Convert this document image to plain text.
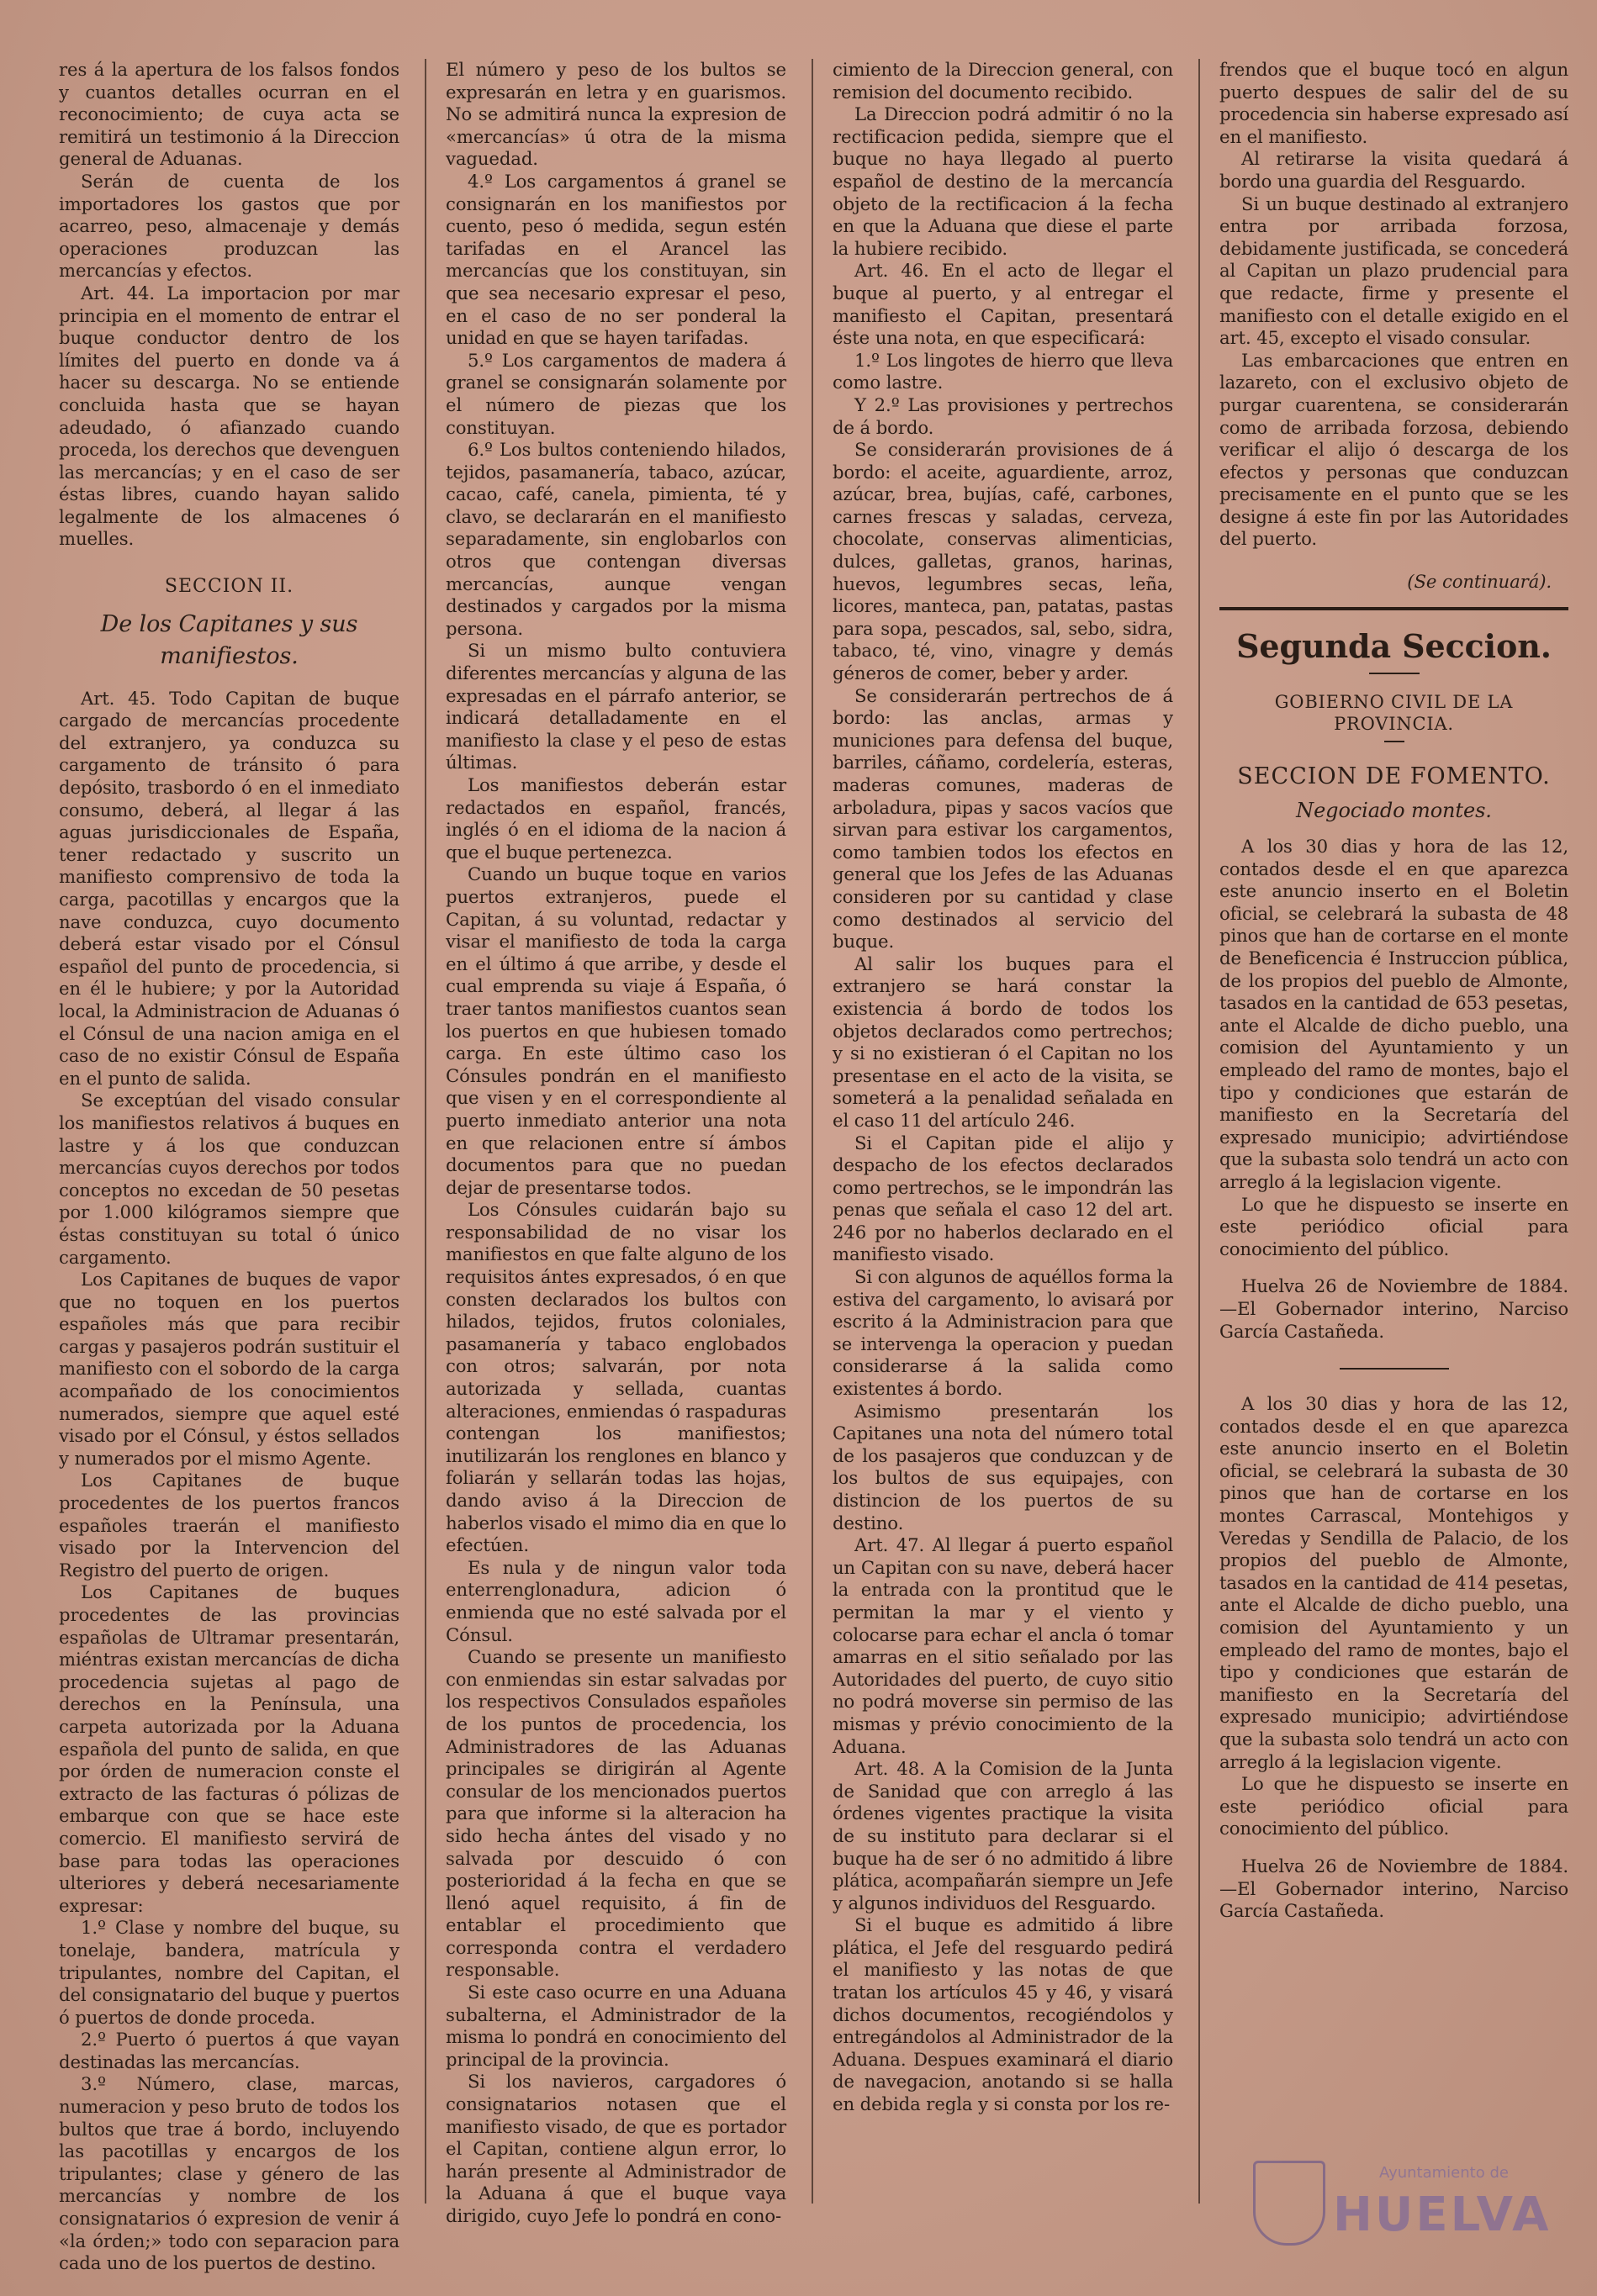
res á la apertura de los falsos fondos y cuantos detalles ocurran en el reconocimiento; de cuya acta se remitirá un testimonio á la Direccion general de Aduanas.

Serán de cuenta de los importadores los gastos que por acarreo, peso, almacenaje y demás operaciones produzcan las mercancías y efectos.

Art. 44. La importacion por mar principia en el momento de entrar el buque conductor dentro de los límites del puerto en donde va á hacer su descarga. No se entiende concluida hasta que se hayan adeudado, ó afianzado cuando proceda, los derechos que devenguen las mercancías; y en el caso de ser éstas libres, cuando hayan salido legalmente de los almacenes ó muelles.

SECCION II.

De los Capitanes y sus manifiestos.

Art. 45. Todo Capitan de buque cargado de mercancías procedente del extranjero, ya conduzca su cargamento de tránsito ó para depósito, trasbordo ó en el inmediato consumo, deberá, al llegar á las aguas jurisdiccionales de España, tener redactado y suscrito un manifiesto comprensivo de toda la carga, pacotillas y encargos que la nave conduzca, cuyo documento deberá estar visado por el Cónsul español del punto de procedencia, si en él le hubiere; y por la Autoridad local, la Administracion de Aduanas ó el Cónsul de una nacion amiga en el caso de no existir Cónsul de España en el punto de salida.

Se exceptúan del visado consular los manifiestos relativos á buques en lastre y á los que conduzcan mercancías cuyos derechos por todos conceptos no excedan de 50 pesetas por 1.000 kilógramos siempre que éstas constituyan su total ó único cargamento.

Los Capitanes de buques de vapor que no toquen en los puertos españoles más que para recibir cargas y pasajeros podrán sustituir el manifiesto con el sobordo de la carga acompañado de los conocimientos numerados, siempre que aquel esté visado por el Cónsul, y éstos sellados y numerados por el mismo Agente.

Los Capitanes de buque procedentes de los puertos francos españoles traerán el manifiesto visado por la Intervencion del Registro del puerto de origen.

Los Capitanes de buques procedentes de las provincias españolas de Ultramar presentarán, miéntras existan mercancías de dicha procedencia sujetas al pago de derechos en la Península, una carpeta autorizada por la Aduana española del punto de salida, en que por órden de numeracion conste el extracto de las facturas ó pólizas de embarque con que se hace este comercio. El manifiesto servirá de base para todas las operaciones ulteriores y deberá necesariamente expresar:

1.º Clase y nombre del buque, su tonelaje, bandera, matrícula y tripulantes, nombre del Capitan, el del consignatario del buque y puertos ó puertos de donde proceda.

2.º Puerto ó puertos á que vayan destinadas las mercancías.

3.º Número, clase, marcas, numeracion y peso bruto de todos los bultos que trae á bordo, incluyendo las pacotillas y encargos de los tripulantes; clase y género de las mercancías y nombre de los consignatarios ó expresion de venir á «la órden;» todo con separacion para cada uno de los puertos de destino.

El número y peso de los bultos se expresarán en letra y en guarismos. No se admitirá nunca la expresion de «mercancías» ú otra de la misma vaguedad.

4.º Los cargamentos á granel se consignarán en los manifiestos por cuento, peso ó medida, segun estén tarifadas en el Arancel las mercancías que los constituyan, sin que sea necesario expresar el peso, en el caso de no ser ponderal la unidad en que se hayen tarifadas.

5.º Los cargamentos de madera á granel se consignarán solamente por el número de piezas que los constituyan.

6.º Los bultos conteniendo hilados, tejidos, pasamanería, tabaco, azúcar, cacao, café, canela, pimienta, té y clavo, se declararán en el manifiesto separadamente, sin englobarlos con otros que contengan diversas mercancías, aunque vengan destinados y cargados por la misma persona.

Si un mismo bulto contuviera diferentes mercancías y alguna de las expresadas en el párrafo anterior, se indicará detalladamente en el manifiesto la clase y el peso de estas últimas.

Los manifiestos deberán estar redactados en español, francés, inglés ó en el idioma de la nacion á que el buque pertenezca.

Cuando un buque toque en varios puertos extranjeros, puede el Capitan, á su voluntad, redactar y visar el manifiesto de toda la carga en el último á que arribe, y desde el cual emprenda su viaje á España, ó traer tantos manifiestos cuantos sean los puertos en que hubiesen tomado carga. En este último caso los Cónsules pondrán en el manifiesto que visen y en el correspondiente al puerto inmediato anterior una nota en que relacionen entre sí ámbos documentos para que no puedan dejar de presentarse todos.

Los Cónsules cuidarán bajo su responsabilidad de no visar los manifiestos en que falte alguno de los requisitos ántes expresados, ó en que consten declarados los bultos con hilados, tejidos, frutos coloniales, pasamanería y tabaco englobados con otros; salvarán, por nota autorizada y sellada, cuantas alteraciones, enmiendas ó raspaduras contengan los manifiestos; inutilizarán los renglones en blanco y foliarán y sellarán todas las hojas, dando aviso á la Direccion de haberlos visado el mimo dia en que lo efectúen.

Es nula y de ningun valor toda enterrenglonadura, adicion ó enmienda que no esté salvada por el Cónsul.

Cuando se presente un manifiesto con enmiendas sin estar salvadas por los respectivos Consulados españoles de los puntos de procedencia, los Administradores de las Aduanas principales se dirigirán al Agente consular de los mencionados puertos para que informe si la alteracion ha sido hecha ántes del visado y no salvada por descuido ó con posterioridad á la fecha en que se llenó aquel requisito, á fin de entablar el procedimiento que corresponda contra el verdadero responsable.

Si este caso ocurre en una Aduana subalterna, el Administrador de la misma lo pondrá en conocimiento del principal de la provincia.

Si los navieros, cargadores ó consignatarios notasen que el manifiesto visado, de que es portador el Capitan, contiene algun error, lo harán presente al Administrador de la Aduana á que el buque vaya dirigido, cuyo Jefe lo pondrá en cono-

cimiento de la Direccion general, con remision del documento recibido.

La Direccion podrá admitir ó no la rectificacion pedida, siempre que el buque no haya llegado al puerto español de destino de la mercancía objeto de la rectificacion á la fecha en que la Aduana que diese el parte la hubiere recibido.

Art. 46. En el acto de llegar el buque al puerto, y al entregar el manifiesto el Capitan, presentará éste una nota, en que especificará:

1.º Los lingotes de hierro que lleva como lastre.

Y 2.º Las provisiones y pertrechos de á bordo.

Se considerarán provisiones de á bordo: el aceite, aguardiente, arroz, azúcar, brea, bujías, café, carbones, carnes frescas y saladas, cerveza, chocolate, conservas alimenticias, dulces, galletas, granos, harinas, huevos, legumbres secas, leña, licores, manteca, pan, patatas, pastas para sopa, pescados, sal, sebo, sidra, tabaco, té, vino, vinagre y demás géneros de comer, beber y arder.

Se considerarán pertrechos de á bordo: las anclas, armas y municiones para defensa del buque, barriles, cáñamo, cordelería, esteras, maderas comunes, maderas de arboladura, pipas y sacos vacíos que sirvan para estivar los cargamentos, como tambien todos los efectos en general que los Jefes de las Aduanas consideren por su cantidad y clase como destinados al servicio del buque.

Al salir los buques para el extranjero se hará constar la existencia á bordo de todos los objetos declarados como pertrechos; y si no existieran ó el Capitan no los presentase en el acto de la visita, se someterá a la penalidad señalada en el caso 11 del artículo 246.

Si el Capitan pide el alijo y despacho de los efectos declarados como pertrechos, se le impondrán las penas que señala el caso 12 del art. 246 por no haberlos declarado en el manifiesto visado.

Si con algunos de aquéllos forma la estiva del cargamento, lo avisará por escrito á la Administracion para que se intervenga la operacion y puedan considerarse á la salida como existentes á bordo.

Asimismo presentarán los Capitanes una nota del número total de los pasajeros que conduzcan y de los bultos de sus equipajes, con distincion de los puertos de su destino.

Art. 47. Al llegar á puerto español un Capitan con su nave, deberá hacer la entrada con la prontitud que le permitan la mar y el viento y colocarse para echar el ancla ó tomar amarras en el sitio señalado por las Autoridades del puerto, de cuyo sitio no podrá moverse sin permiso de las mismas y prévio conocimiento de la Aduana.

Art. 48. A la Comision de la Junta de Sanidad que con arreglo á las órdenes vigentes practique la visita de su instituto para declarar si el buque ha de ser ó no admitido á libre plática, acompañarán siempre un Jefe y algunos individuos del Resguardo.

Si el buque es admitido á libre plática, el Jefe del resguardo pedirá el manifiesto y las notas de que tratan los artículos 45 y 46, y visará dichos documentos, recogiéndolos y entregándolos al Administrador de la Aduana. Despues examinará el diario de navegacion, anotando si se halla en debida regla y si consta por los re-

frendos que el buque tocó en algun puerto despues de salir del de su procedencia sin haberse expresado así en el manifiesto.

Al retirarse la visita quedará á bordo una guardia del Resguardo.

Si un buque destinado al extranjero entra por arribada forzosa, debidamente justificada, se concederá al Capitan un plazo prudencial para que redacte, firme y presente el manifiesto con el detalle exigido en el art. 45, excepto el visado consular.

Las embarcaciones que entren en lazareto, con el exclusivo objeto de purgar cuarentena, se considerarán como de arribada forzosa, debiendo verificar el alijo ó descarga de los efectos y personas que conduzcan precisamente en el punto que se les designe á este fin por las Autoridades del puerto.

(Se continuará).

Segunda Seccion.

GOBIERNO CIVIL DE LA PROVINCIA.

SECCION DE FOMENTO.

Negociado montes.

A los 30 dias y hora de las 12, contados desde el en que aparezca este anuncio inserto en el Boletin oficial, se celebrará la subasta de 48 pinos que han de cortarse en el monte de Beneficencia é Instruccion pública, de los propios del pueblo de Almonte, tasados en la cantidad de 653 pesetas, ante el Alcalde de dicho pueblo, una comision del Ayuntamiento y un empleado del ramo de montes, bajo el tipo y condiciones que estarán de manifiesto en la Secretaría del expresado municipio; advirtiéndose que la subasta solo tendrá un acto con arreglo á la legislacion vigente.

Lo que he dispuesto se inserte en este periódico oficial para conocimiento del público.

Huelva 26 de Noviembre de 1884. —El Gobernador interino, Narciso García Castañeda.

A los 30 dias y hora de las 12, contados desde el en que aparezca este anuncio inserto en el Boletin oficial, se celebrará la subasta de 30 pinos que han de cortarse en los montes Carrascal, Montehigos y Veredas y Sendilla de Palacio, de los propios del pueblo de Almonte, tasados en la cantidad de 414 pesetas, ante el Alcalde de dicho pueblo, una comision del Ayuntamiento y un empleado del ramo de montes, bajo el tipo y condiciones que estarán de manifiesto en la Secretaría del expresado municipio; advirtiéndose que la subasta solo tendrá un acto con arreglo á la legislacion vigente.

Lo que he dispuesto se inserte en este periódico oficial para conocimiento del público.

Huelva 26 de Noviembre de 1884. —El Gobernador interino, Narciso García Castañeda.

Ayuntamiento de
HUELVA
